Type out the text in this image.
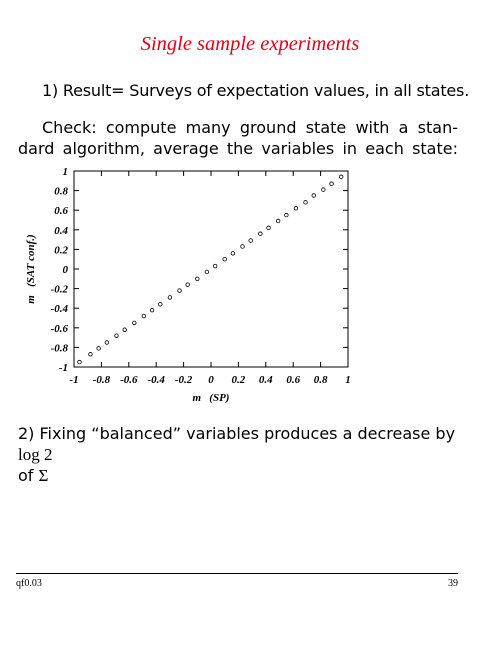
Single sample experiments
1) Result= Surveys of expectation values, in all states.
Check: compute many ground state with a stan-
dard algorithm, average the variables in each state:
-1 -0.8 -0.6 -0.4 -0.2 0 0.2 0.4 0.6 0.8 1
1
0.8
0.6
0.4
0.2
0
-0.2
-0.4
-0.6
-0.8
-1
m   (SP)
m   (SAT conf.)
2) Fixing “balanced” variables produces a decrease by log 2
of Σ
qf0.03	39
